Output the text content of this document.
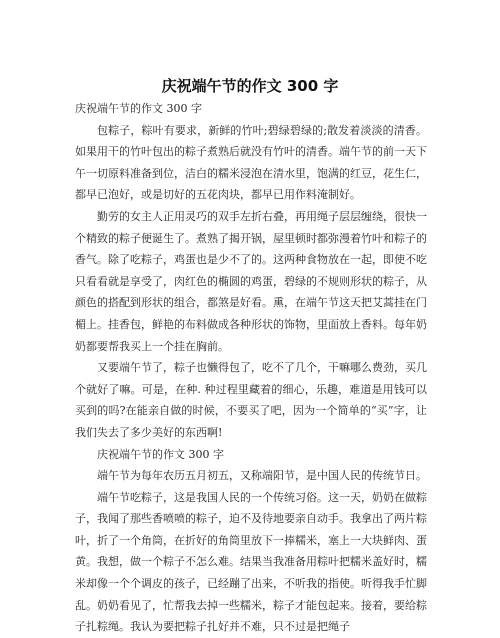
庆祝端午节的作文 300 字

庆祝端午节的作文 300 字

包粽子，粽叶有要求，新鲜的竹叶;碧绿碧绿的;散发着淡淡的清香。如果用干的竹叶包出的粽子煮熟后就没有竹叶的清香。端午节的前一天下午一切原料准备到位，洁白的糯米浸泡在清水里，饱满的红豆，花生仁，都早已泡好，或是切好的五花肉块，都早已用作料淹制好。

勤劳的女主人正用灵巧的双手左折右叠，再用绳子层层缠绕，很快一个精致的粽子便诞生了。煮熟了揭开锅，屋里顿时都弥漫着竹叶和粽子的香气。除了吃粽子，鸡蛋也是少不了的。这两种食物放在一起，即使不吃只看看就是享受了，肉红色的椭圆的鸡蛋，碧绿的不规则形状的粽子，从颜色的搭配到形状的组合，都煞是好看。熏，在端午节这天把艾蒿挂在门楣上。挂香包，鲜艳的布料做成各种形状的饰物，里面放上香料。每年奶奶都要帮我买上一个挂在胸前。

又要端午节了，粽子也懒得包了，吃不了几个，干嘛哪么费劲，买几个就好了嘛。可是，在种. 种过程里藏着的细心，乐趣，难道是用钱可以买到的吗?在能亲自做的时候，不要买了吧，因为一个简单的“买”字，让我们失去了多少美好的东西啊!

庆祝端午节的作文 300 字

端午节为每年农历五月初五，又称端阳节，是中国人民的传统节日。

端午节吃粽子，这是我国人民的一个传统习俗。这一天，奶奶在做粽子，我闻了那些香喷喷的粽子，迫不及待地要亲自动手。我拿出了两片粽叶，折了一个角筒，在折好的角筒里放下一捧糯米，塞上一大块鲜肉、蛋黄。我想，做一个粽子不怎么难。结果当我准备用粽叶把糯米盖好时，糯米却像一个个调皮的孩子，已经蹦了出来，不听我的指使。听得我手忙脚乱。奶奶看见了，忙帮我去掉一些糯米，粽子才能包起来。接着，要给粽子扎粽绳。我认为要把粽子扎好并不难，只不过是把绳子
